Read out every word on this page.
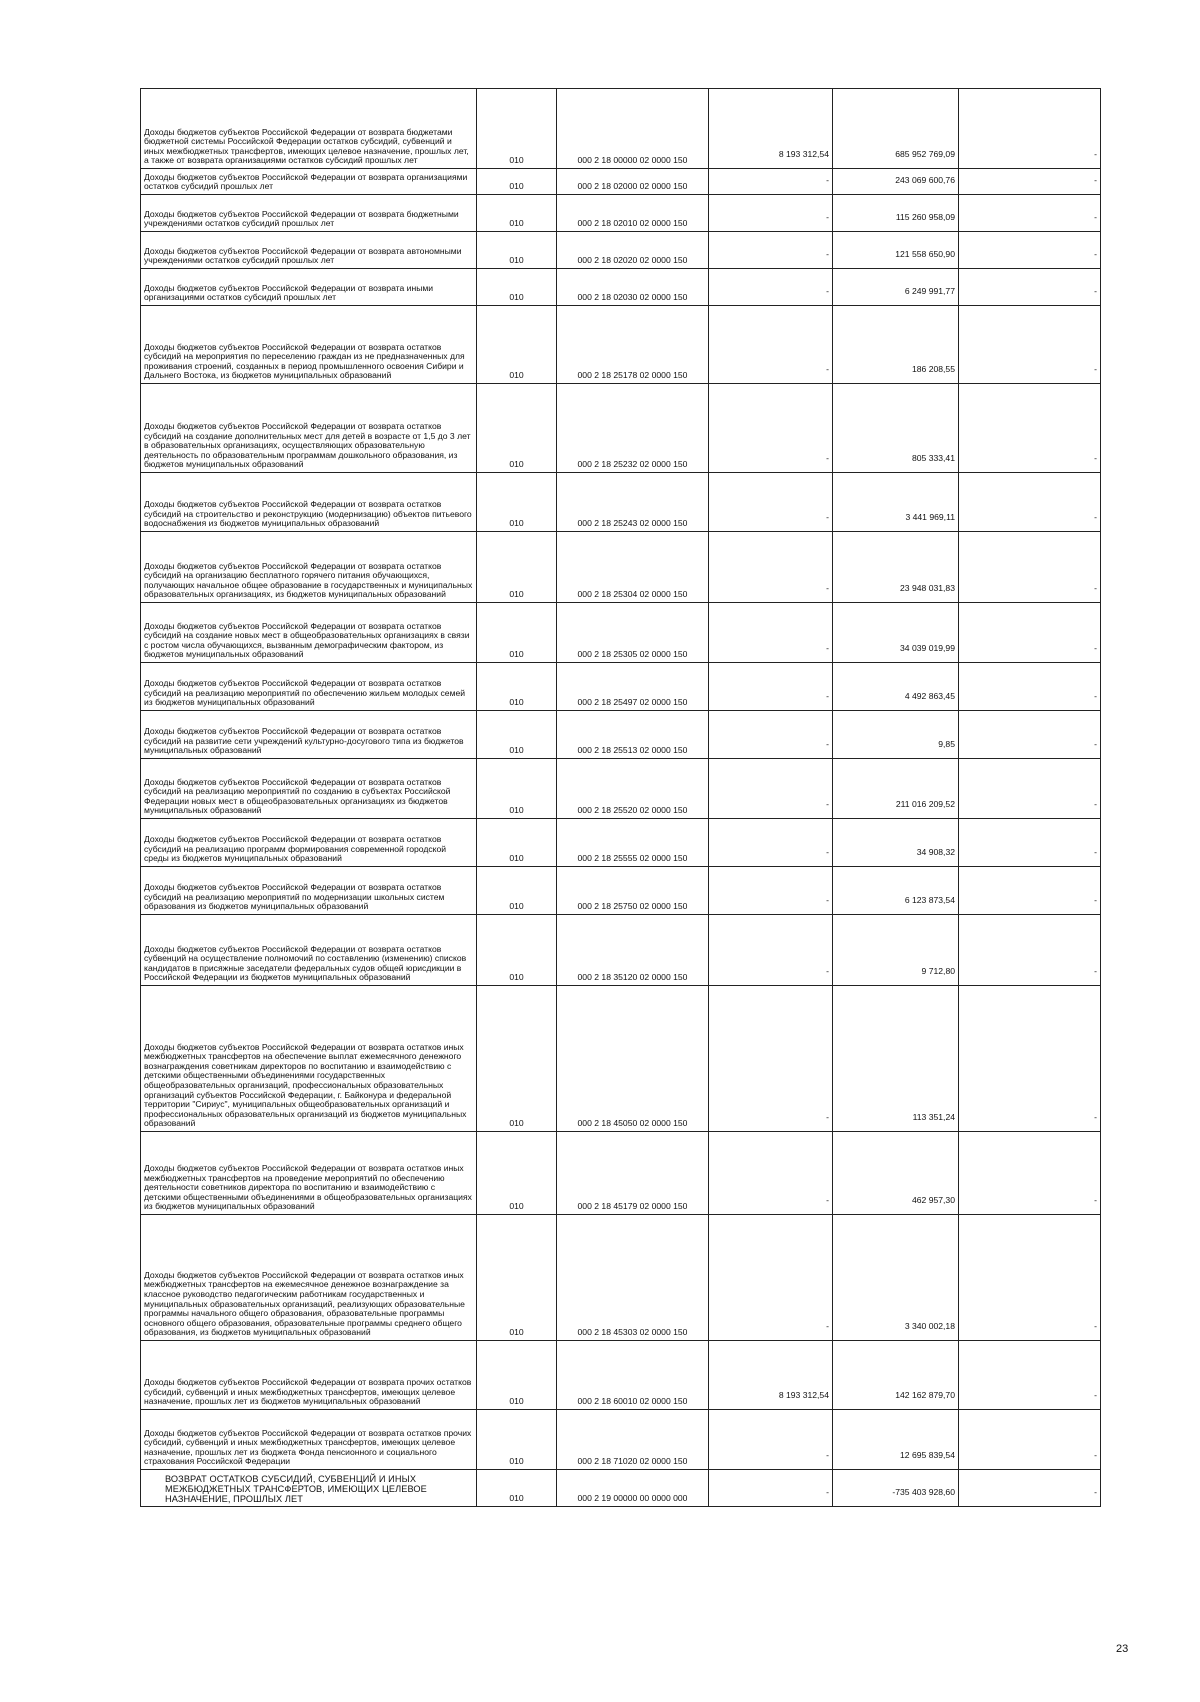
Доходы бюджетов субъектов Российской Федерации от возврата бюджетами бюджетной системы Российской Федерации остатков субсидий, субвенций и иных межбюджетных трансфертов, имеющих целевое назначение, прошлых лет, а также от возврата организациями остатков субсидий прошлых лет	010	000 2 18 00000 02 0000 150	8 193 312,54	685 952 769,09	-

Доходы бюджетов субъектов Российской Федерации от возврата организациями остатков субсидий прошлых лет	010	000 2 18 02000 02 0000 150	-	243 069 600,76	-

Доходы бюджетов субъектов Российской Федерации от возврата бюджетными учреждениями остатков субсидий прошлых лет	010	000 2 18 02010 02 0000 150	-	115 260 958,09	-

Доходы бюджетов субъектов Российской Федерации от возврата автономными учреждениями остатков субсидий прошлых лет	010	000 2 18 02020 02 0000 150	-	121 558 650,90	-

Доходы бюджетов субъектов Российской Федерации от возврата иными организациями остатков субсидий прошлых лет	010	000 2 18 02030 02 0000 150	-	6 249 991,77	-

Доходы бюджетов субъектов Российской Федерации от возврата остатков субсидий на мероприятия по переселению граждан из не предназначенных для проживания строений, созданных в период промышленного освоения Сибири и Дальнего Востока, из бюджетов муниципальных образований	010	000 2 18 25178 02 0000 150	-	186 208,55	-

Доходы бюджетов субъектов Российской Федерации от возврата остатков субсидий на создание дополнительных мест для детей в возрасте от 1,5 до 3 лет в образовательных организациях, осуществляющих образовательную деятельность по образовательным программам дошкольного образования, из бюджетов муниципальных образований	010	000 2 18 25232 02 0000 150	-	805 333,41	-

Доходы бюджетов субъектов Российской Федерации от возврата остатков субсидий на строительство и реконструкцию (модернизацию) объектов питьевого водоснабжения из бюджетов муниципальных образований	010	000 2 18 25243 02 0000 150	-	3 441 969,11	-

Доходы бюджетов субъектов Российской Федерации от возврата остатков субсидий на организацию бесплатного горячего питания обучающихся, получающих начальное общее образование в государственных и муниципальных образовательных организациях, из бюджетов муниципальных образований	010	000 2 18 25304 02 0000 150	-	23 948 031,83	-

Доходы бюджетов субъектов Российской Федерации от возврата остатков субсидий на создание новых мест в общеобразовательных организациях в связи с ростом числа обучающихся, вызванным демографическим фактором, из бюджетов муниципальных образований	010	000 2 18 25305 02 0000 150	-	34 039 019,99	-

Доходы бюджетов субъектов Российской Федерации от возврата остатков субсидий на реализацию мероприятий по обеспечению жильем молодых семей из бюджетов муниципальных образований	010	000 2 18 25497 02 0000 150	-	4 492 863,45	-

Доходы бюджетов субъектов Российской Федерации от возврата остатков субсидий на развитие сети учреждений культурно-досугового типа из бюджетов муниципальных образований	010	000 2 18 25513 02 0000 150	-	9,85	-

Доходы бюджетов субъектов Российской Федерации от возврата остатков субсидий на реализацию мероприятий по созданию в субъектах Российской Федерации новых мест в общеобразовательных организациях из бюджетов муниципальных образований	010	000 2 18 25520 02 0000 150	-	211 016 209,52	-

Доходы бюджетов субъектов Российской Федерации от возврата остатков субсидий на реализацию программ формирования современной городской среды из бюджетов муниципальных образований	010	000 2 18 25555 02 0000 150	-	34 908,32	-

Доходы бюджетов субъектов Российской Федерации от возврата остатков субсидий на реализацию мероприятий по модернизации школьных систем образования из бюджетов муниципальных образований	010	000 2 18 25750 02 0000 150	-	6 123 873,54	-

Доходы бюджетов субъектов Российской Федерации от возврата остатков субвенций на осуществление полномочий по составлению (изменению) списков кандидатов в присяжные заседатели федеральных судов общей юрисдикции в Российской Федерации из бюджетов муниципальных образований	010	000 2 18 35120 02 0000 150	-	9 712,80	-

Доходы бюджетов субъектов Российской Федерации от возврата остатков иных межбюджетных трансфертов на обеспечение выплат ежемесячного денежного вознаграждения советникам директоров по воспитанию и взаимодействию с детскими общественными объединениями государственных общеобразовательных организаций, профессиональных образовательных организаций субъектов Российской Федерации, г. Байконура и федеральной территории "Сириус", муниципальных общеобразовательных организаций и профессиональных образовательных организаций из бюджетов муниципальных образований	010	000 2 18 45050 02 0000 150	-	113 351,24	-

Доходы бюджетов субъектов Российской Федерации от возврата остатков иных межбюджетных трансфертов на проведение мероприятий по обеспечению деятельности советников директора по воспитанию и взаимодействию с детскими общественными объединениями в общеобразовательных организациях из бюджетов муниципальных образований	010	000 2 18 45179 02 0000 150	-	462 957,30	-

Доходы бюджетов субъектов Российской Федерации от возврата остатков иных межбюджетных трансфертов на ежемесячное денежное вознаграждение за классное руководство педагогическим работникам государственных и муниципальных образовательных организаций, реализующих образовательные программы начального общего образования, образовательные программы основного общего образования, образовательные программы среднего общего образования, из бюджетов муниципальных образований	010	000 2 18 45303 02 0000 150	-	3 340 002,18	-

Доходы бюджетов субъектов Российской Федерации от возврата прочих остатков субсидий, субвенций и иных межбюджетных трансфертов, имеющих целевое назначение, прошлых лет из бюджетов муниципальных образований	010	000 2 18 60010 02 0000 150	8 193 312,54	142 162 879,70	-

Доходы бюджетов субъектов Российской Федерации от возврата остатков прочих субсидий, субвенций и иных межбюджетных трансфертов, имеющих целевое назначение, прошлых лет из бюджета Фонда пенсионного и социального страхования Российской Федерации	010	000 2 18 71020 02 0000 150	-	12 695 839,54	-

ВОЗВРАТ ОСТАТКОВ СУБСИДИЙ, СУБВЕНЦИЙ И ИНЫХ МЕЖБЮДЖЕТНЫХ ТРАНСФЕРТОВ, ИМЕЮЩИХ ЦЕЛЕВОЕ НАЗНАЧЕНИЕ, ПРОШЛЫХ ЛЕТ	010	000 2 19 00000 00 0000 000	-	-735 403 928,60	-
23
